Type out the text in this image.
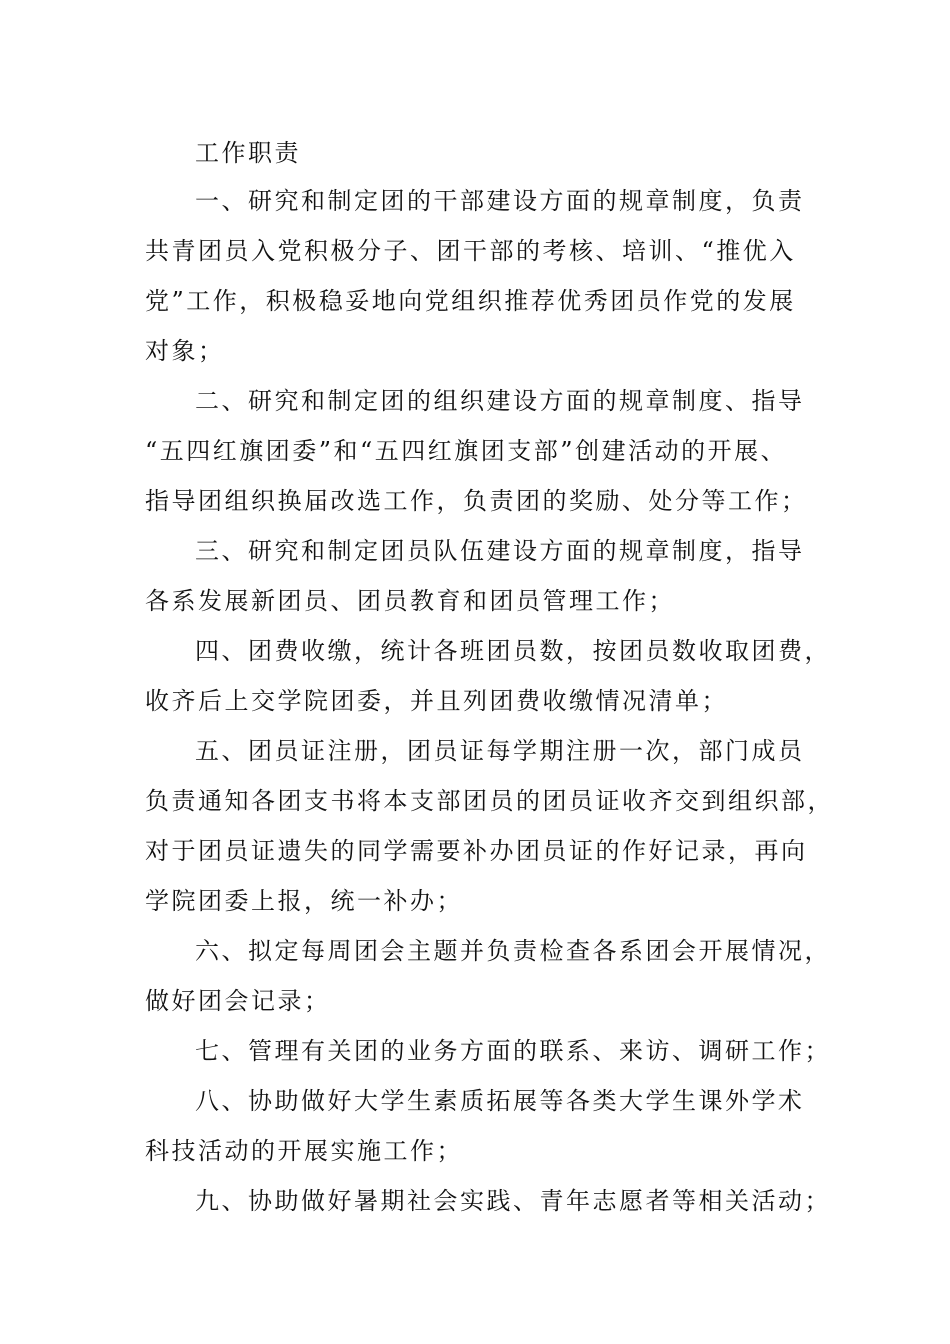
工作职责
一、研究和制定团的干部建设方面的规章制度，负责
共青团员入党积极分子、团干部的考核、培训、“推优入
党”工作，积极稳妥地向党组织推荐优秀团员作党的发展
对象；
二、研究和制定团的组织建设方面的规章制度、指导
“五四红旗团委”和“五四红旗团支部”创建活动的开展、
指导团组织换届改选工作，负责团的奖励、处分等工作；
三、研究和制定团员队伍建设方面的规章制度，指导
各系发展新团员、团员教育和团员管理工作；
四、团费收缴，统计各班团员数，按团员数收取团费，
收齐后上交学院团委，并且列团费收缴情况清单；
五、团员证注册，团员证每学期注册一次，部门成员
负责通知各团支书将本支部团员的团员证收齐交到组织部，
对于团员证遗失的同学需要补办团员证的作好记录，再向
学院团委上报，统一补办；
六、拟定每周团会主题并负责检查各系团会开展情况，
做好团会记录；
七、管理有关团的业务方面的联系、来访、调研工作；
八、协助做好大学生素质拓展等各类大学生课外学术
科技活动的开展实施工作；
九、协助做好暑期社会实践、青年志愿者等相关活动；
